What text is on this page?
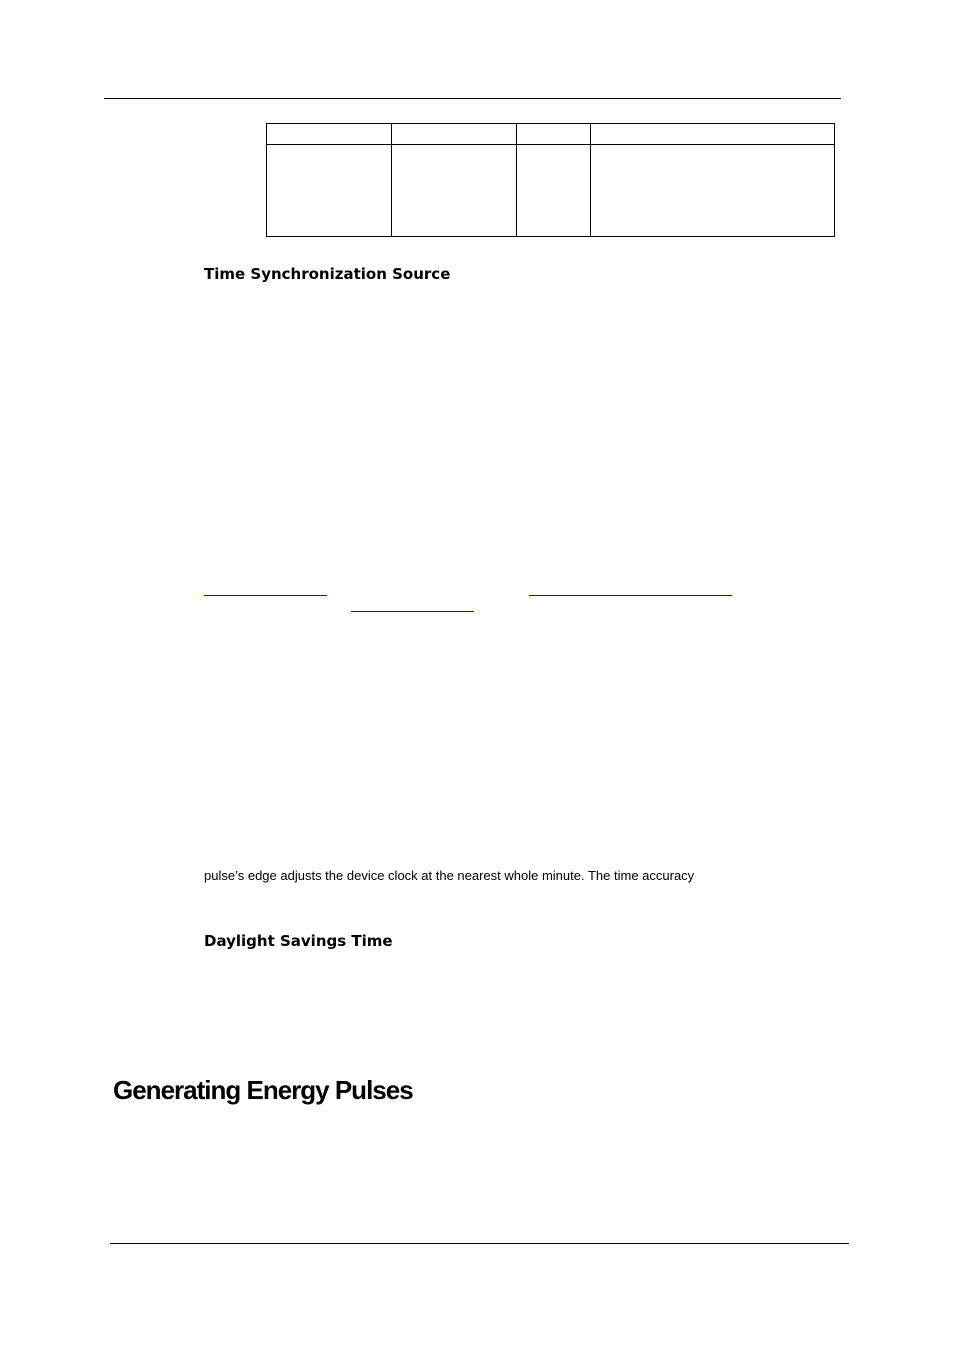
Time Synchronization Source

pulse’s edge adjusts the device clock at the nearest whole minute. The time accuracy

Daylight Savings Time
Generating Energy Pulses
